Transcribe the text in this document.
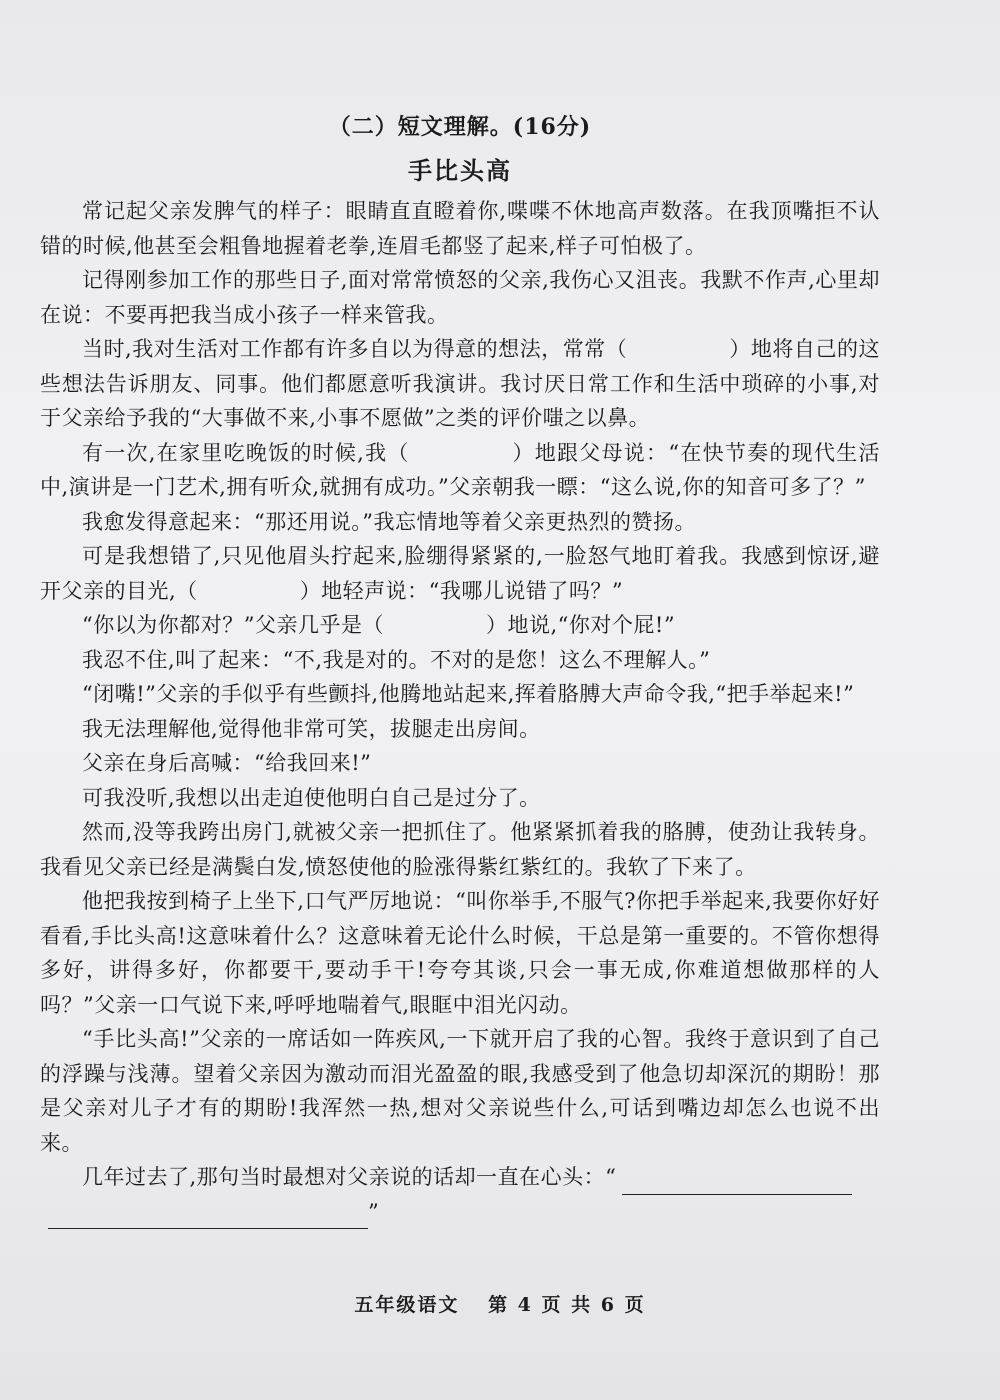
（二）短文理解。(16分)
手比头高

常记起父亲发脾气的样子：眼睛直直瞪着你,喋喋不休地高声数落。在我顶嘴拒不认错的时候,他甚至会粗鲁地握着老拳,连眉毛都竖了起来,样子可怕极了。

记得刚参加工作的那些日子,面对常常愤怒的父亲,我伤心又沮丧。我默不作声,心里却在说：不要再把我当成小孩子一样来管我。

当时,我对生活对工作都有许多自以为得意的想法，常常（	）地将自己的这些想法告诉朋友、同事。他们都愿意听我演讲。我讨厌日常工作和生活中琐碎的小事,对于父亲给予我的“大事做不来,小事不愿做”之类的评价嗤之以鼻。

有一次,在家里吃晚饭的时候,我（	）地跟父母说：“在快节奏的现代生活中,演讲是一门艺术,拥有听众,就拥有成功。”父亲朝我一瞟：“这么说,你的知音可多了？”

我愈发得意起来：“那还用说。”我忘情地等着父亲更热烈的赞扬。

可是我想错了,只见他眉头拧起来,脸绷得紧紧的,一脸怒气地盯着我。我感到惊讶,避开父亲的目光,（	）地轻声说：“我哪儿说错了吗？”

“你以为你都对？”父亲几乎是（	）地说,“你对个屁!”

我忍不住,叫了起来：“不,我是对的。不对的是您！这么不理解人。”

“闭嘴!”父亲的手似乎有些颤抖,他腾地站起来,挥着胳膊大声命令我,“把手举起来!”

我无法理解他,觉得他非常可笑，拔腿走出房间。

父亲在身后高喊：“给我回来!”

可我没听,我想以出走迫使他明白自己是过分了。

然而,没等我跨出房门,就被父亲一把抓住了。他紧紧抓着我的胳膊，使劲让我转身。我看见父亲已经是满鬓白发,愤怒使他的脸涨得紫红紫红的。我软了下来了。

他把我按到椅子上坐下,口气严厉地说：“叫你举手,不服气?你把手举起来,我要你好好看看,手比头高!这意味着什么？这意味着无论什么时候，干总是第一重要的。不管你想得多好，讲得多好，你都要干,要动手干!夸夸其谈,只会一事无成,你难道想做那样的人吗？”父亲一口气说下来,呼呼地喘着气,眼眶中泪光闪动。

“手比头高!”父亲的一席话如一阵疾风,一下就开启了我的心智。我终于意识到了自己的浮躁与浅薄。望着父亲因为激动而泪光盈盈的眼,我感受到了他急切却深沉的期盼！那是父亲对儿子才有的期盼!我浑然一热,想对父亲说些什么,可话到嘴边却怎么也说不出来。

几年过去了,那句当时最想对父亲说的话却一直在心头：“
”

五年级语文 第 4 页 共 6 页
